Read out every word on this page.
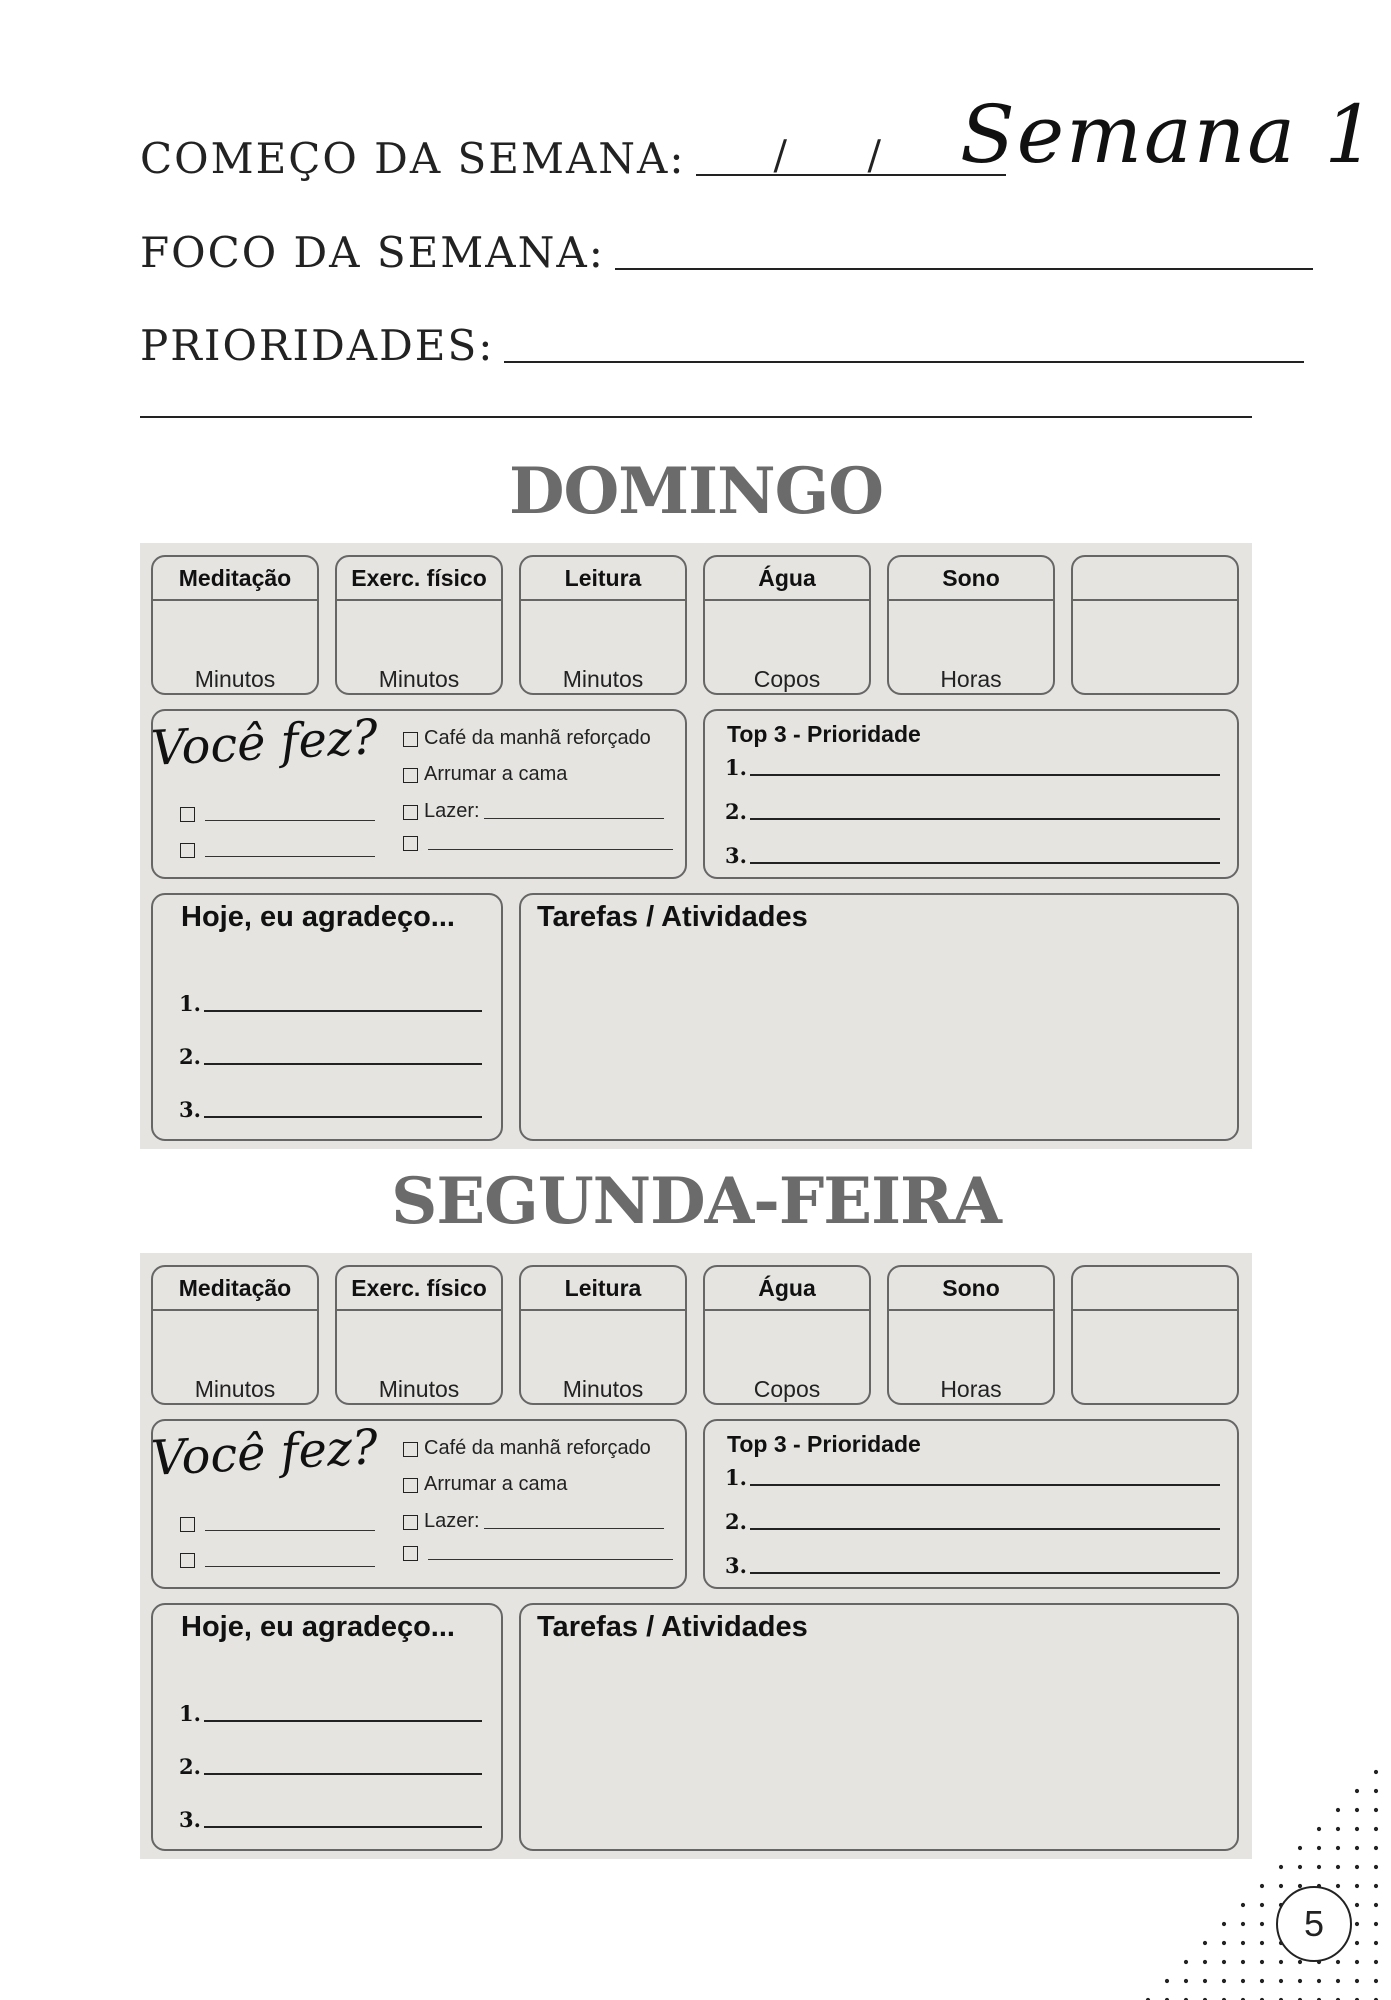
COMEÇO DA SEMANA: / / Semana 1
FOCO DA SEMANA:
PRIORIDADES:
DOMINGO
Meditação
Minutos
Exerc. físico
Minutos
Leitura
Minutos
Água
Copos
Sono
Horas
Você fez? Café da manhã reforçado
Arrumar a cama
Lazer:
Top 3 - Prioridade
1.
2.
3.
Hoje, eu agradeço...
1.
2.
3.
Tarefas / Atividades
SEGUNDA-FEIRA
Meditação
Minutos
Exerc. físico
Minutos
Leitura
Minutos
Água
Copos
Sono
Horas
Você fez? Café da manhã reforçado
Arrumar a cama
Lazer:
Top 3 - Prioridade
1.
2.
3.
Hoje, eu agradeço...
1.
2.
3.
Tarefas / Atividades
5
